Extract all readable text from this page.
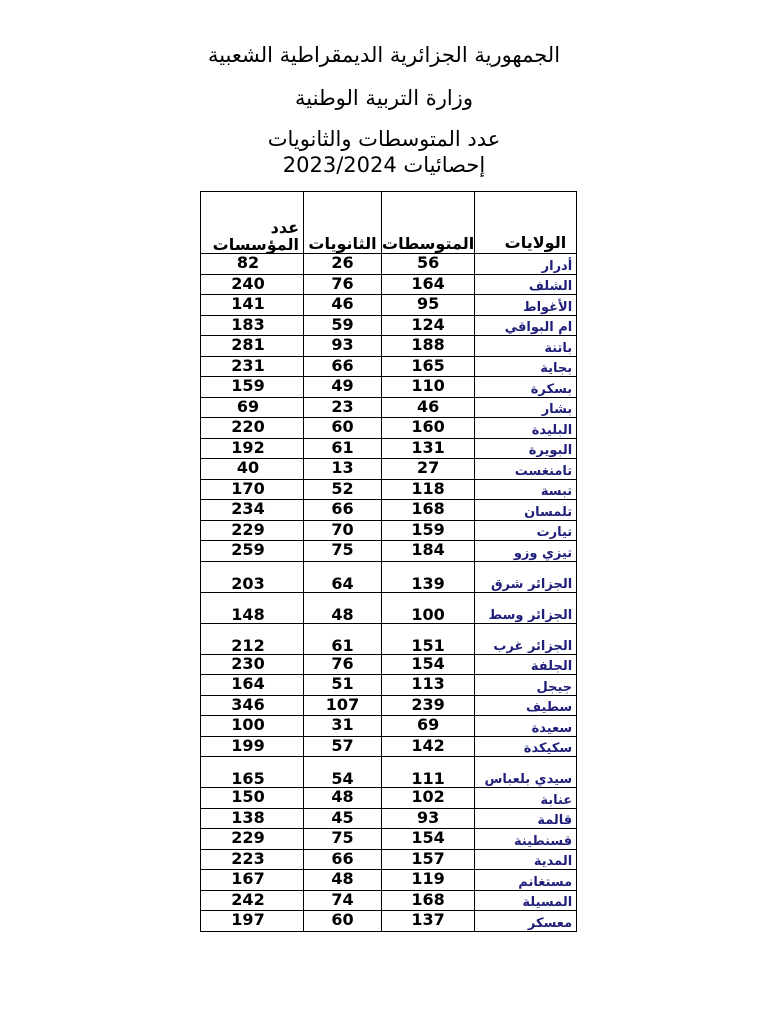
الجمهورية الجزائرية الديمقراطية الشعبية
وزارة التربية الوطنية
عدد المتوسطات والثانويات
إحصائيات 2023/2024
عدد المؤسسات	الثانويات	المتوسطات	الولايات
82	26	56	أدرار
240	76	164	الشلف
141	46	95	الأغواط
183	59	124	ام البواقي
281	93	188	باتنة
231	66	165	بجاية
159	49	110	بسكرة
69	23	46	بشار
220	60	160	البليدة
192	61	131	البويرة
40	13	27	تامنغست
170	52	118	تبسة
234	66	168	تلمسان
229	70	159	تيارت
259	75	184	تيزي وزو
203	64	139	الجزائر شرق
148	48	100	الجزائر وسط
212	61	151	الجزائر غرب
230	76	154	الجلفة
164	51	113	جيجل
346	107	239	سطيف
100	31	69	سعيدة
199	57	142	سكيكدة
165	54	111	سيدي بلعباس
150	48	102	عنابة
138	45	93	قالمة
229	75	154	قسنطينة
223	66	157	المدية
167	48	119	مستغانم
242	74	168	المسيلة
197	60	137	معسكر
